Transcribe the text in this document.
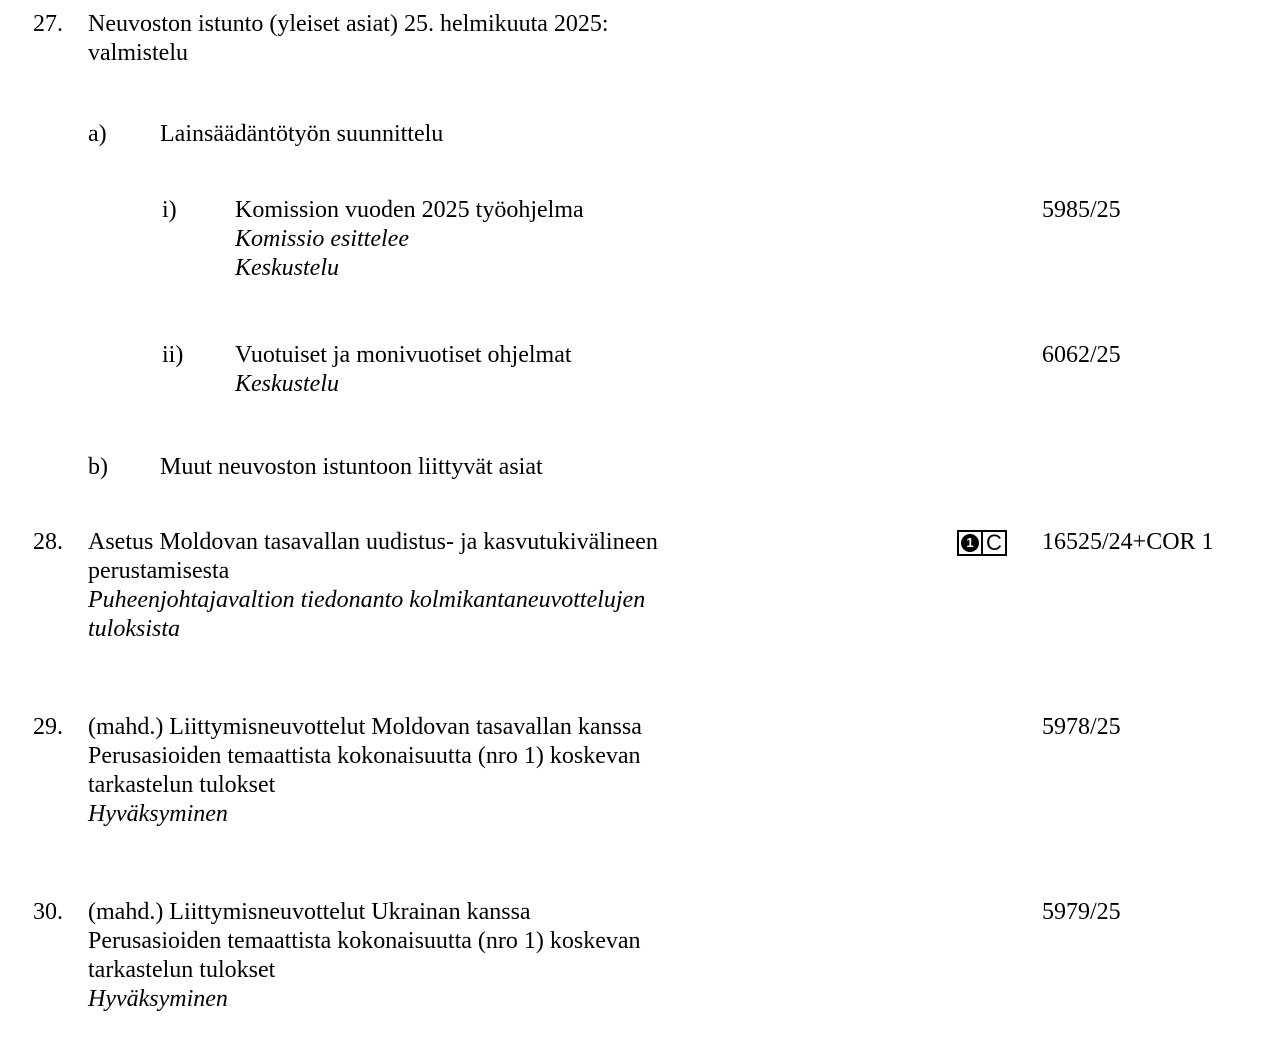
27. Neuvoston istunto (yleiset asiat) 25. helmikuuta 2025:
valmistelu
a) Lainsäädäntötyön suunnittelu
i) Komission vuoden 2025 työohjelma
Komissio esittelee
Keskustelu
5985/25
ii) Vuotuiset ja monivuotiset ohjelmat
Keskustelu
6062/25
b) Muut neuvoston istuntoon liittyvät asiat
28. Asetus Moldovan tasavallan uudistus- ja kasvutukivälineen
perustamisesta
Puheenjohtajavaltion tiedonanto kolmikantaneuvottelujen
tuloksista
1 C 16525/24+COR 1
29. (mahd.) Liittymisneuvottelut Moldovan tasavallan kanssa
Perusasioiden temaattista kokonaisuutta (nro 1) koskevan
tarkastelun tulokset
Hyväksyminen
5978/25
30. (mahd.) Liittymisneuvottelut Ukrainan kanssa
Perusasioiden temaattista kokonaisuutta (nro 1) koskevan
tarkastelun tulokset
Hyväksyminen
5979/25
